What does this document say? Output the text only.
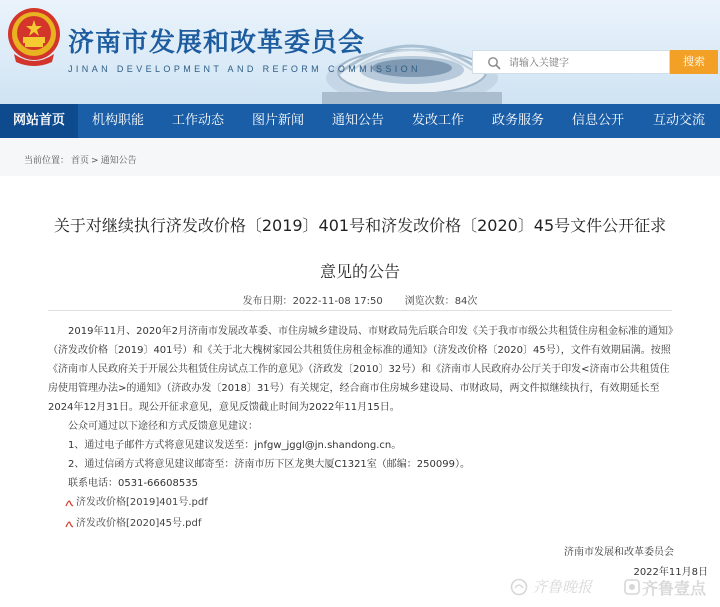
济南市发展和改革委员会
JINAN DEVELOPMENT AND REFORM COMMISSION
请输入关键字
搜索
网站首页	机构职能	工作动态	图片新闻	通知公告	发改工作	政务服务	信息公开	互动交流
当前位置： 首页 > 通知公告
关于对继续执行济发改价格〔2019〕401号和济发改价格〔2020〕45号文件公开征求
意见的公告
发布日期：2022-11-08 17:50 浏览次数：84次

2019年11月、2020年2月济南市发展改革委、市住房城乡建设局、市财政局先后联合印发《关于我市市级公共租赁住房租金标准的通知》（济发改价格〔2019〕401号）和《关于北大槐树家园公共租赁住房租金标准的通知》（济发改价格〔2020〕45号），文件有效期届满。按照《济南市人民政府关于开展公共租赁住房试点工作的意见》（济政发〔2010〕32号）和《济南市人民政府办公厅关于印发<济南市公共租赁住房使用管理办法>的通知》（济政办发〔2018〕31号）有关规定，经合商市住房城乡建设局、市财政局，两文件拟继续执行，有效期延长至2024年12月31日。现公开征求意见，意见反馈截止时间为2022年11月15日。

公众可通过以下途径和方式反馈意见建议：

1、通过电子邮件方式将意见建议发送至：jnfgw_jggl@jn.shandong.cn。

2、通过信函方式将意见建议邮寄至：济南市历下区龙奥大厦C1321室（邮编：250099）。

联系电话：0531-66608535

济发改价格[2019]401号.pdf
济发改价格[2020]45号.pdf
济南市发展和改革委员会
2022年11月8日
齐鲁晚报	齐鲁壹点
